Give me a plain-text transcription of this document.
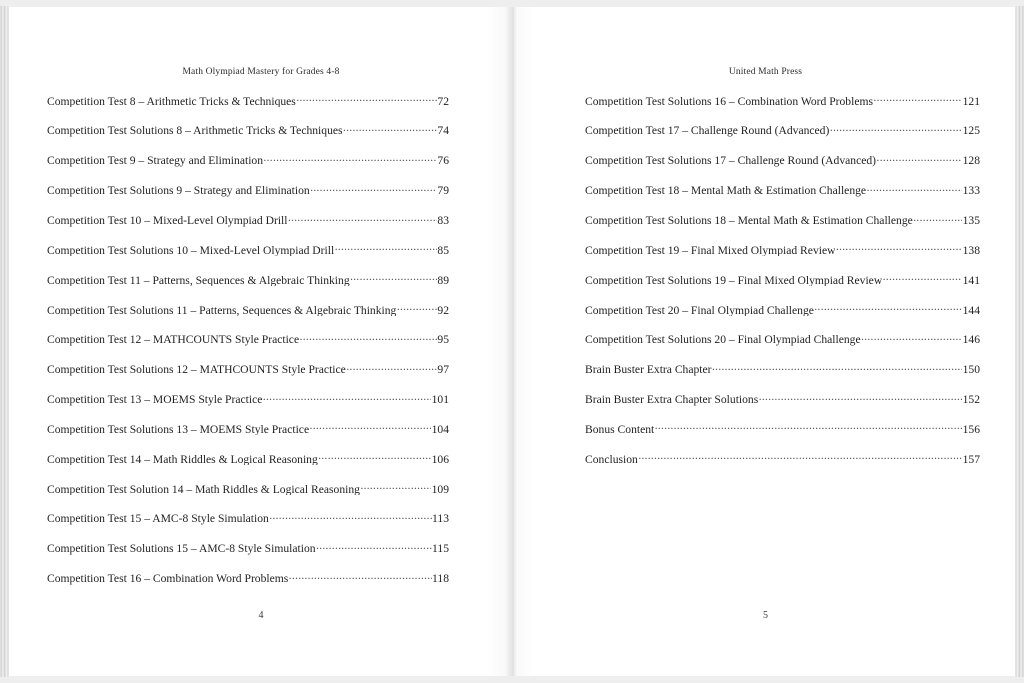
Math Olympiad Mastery for Grades 4-8
Competition Test 8 – Arithmetic Tricks & Techniques .....	72
Competition Test Solutions 8 – Arithmetic Tricks & Techniques .....	74
Competition Test 9 – Strategy and Elimination .....	76
Competition Test Solutions 9 – Strategy and Elimination .....	79
Competition Test 10 – Mixed-Level Olympiad Drill .....	83
Competition Test Solutions 10 – Mixed-Level Olympiad Drill .....	85
Competition Test 11 – Patterns, Sequences & Algebraic Thinking .....	89
Competition Test Solutions 11 – Patterns, Sequences & Algebraic Thinking .....	92
Competition Test 12 – MATHCOUNTS Style Practice .....	95
Competition Test Solutions 12 – MATHCOUNTS Style Practice .....	97
Competition Test 13 – MOEMS Style Practice .....	101
Competition Test Solutions 13 – MOEMS Style Practice .....	104
Competition Test 14 – Math Riddles & Logical Reasoning .....	106
Competition Test Solution 14 – Math Riddles & Logical Reasoning .....	109
Competition Test 15 – AMC-8 Style Simulation .....	113
Competition Test Solutions 15 – AMC-8 Style Simulation .....	115
Competition Test 16 – Combination Word Problems .....	118
4
United Math Press
Competition Test Solutions 16 – Combination Word Problems .....	121
Competition Test 17 – Challenge Round (Advanced) .....	125
Competition Test Solutions 17 – Challenge Round (Advanced) .....	128
Competition Test 18 – Mental Math & Estimation Challenge .....	133
Competition Test Solutions 18 – Mental Math & Estimation Challenge .....	135
Competition Test 19 – Final Mixed Olympiad Review .....	138
Competition Test Solutions 19 – Final Mixed Olympiad Review .....	141
Competition Test 20 – Final Olympiad Challenge .....	144
Competition Test Solutions 20 – Final Olympiad Challenge .....	146
Brain Buster Extra Chapter .....	150
Brain Buster Extra Chapter Solutions .....	152
Bonus Content .....	156
Conclusion .....	157
5
